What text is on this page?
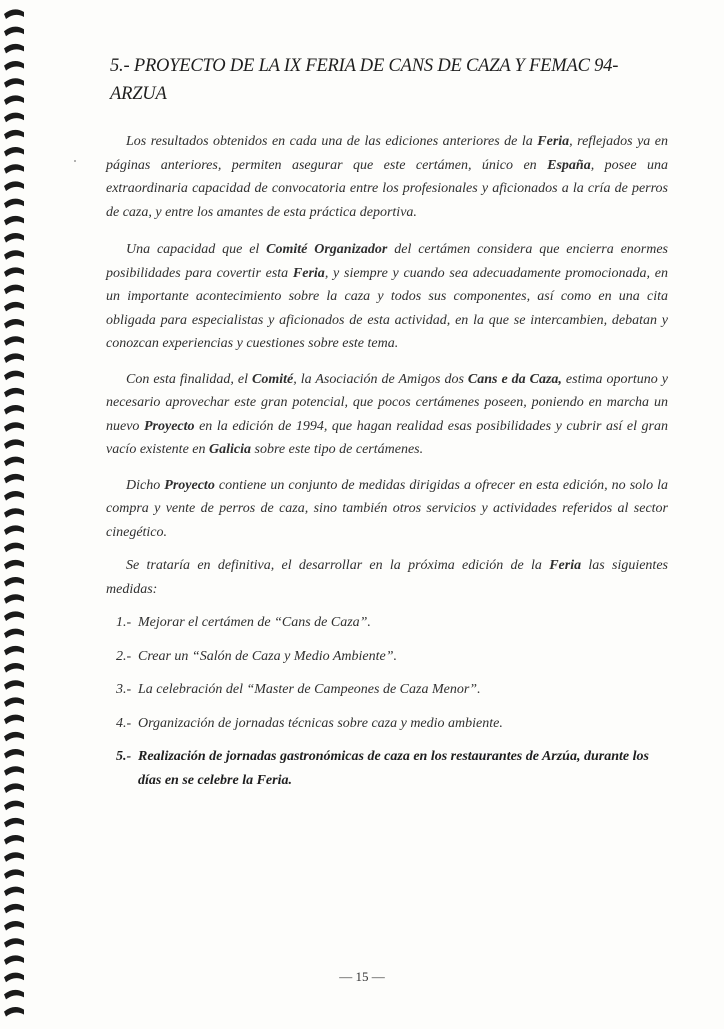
5.- PROYECTO DE LA IX FERIA DE CANS DE CAZA Y FEMAC 94-ARZUA

Los resultados obtenidos en cada una de las ediciones anteriores de la Feria, reflejados ya en páginas anteriores, permiten asegurar que este certámen, único en España, posee una extraordinaria capacidad de convocatoria entre los profesionales y aficionados a la cría de perros de caza, y entre los amantes de esta práctica deportiva.

Una capacidad que el Comité Organizador del certámen considera que encierra enormes posibilidades para covertir esta Feria, y siempre y cuando sea adecuadamente promocionada, en un importante acontecimiento sobre la caza y todos sus componentes, así como en una cita obligada para especialistas y aficionados de esta actividad, en la que se intercambien, debatan y conozcan experiencias y cuestiones sobre este tema.

Con esta finalidad, el Comité, la Asociación de Amigos dos Cans e da Caza, estima oportuno y necesario aprovechar este gran potencial, que pocos certámenes poseen, poniendo en marcha un nuevo Proyecto en la edición de 1994, que hagan realidad esas posibilidades y cubrir así el gran vacío existente en Galicia sobre este tipo de certámenes.

Dicho Proyecto contiene un conjunto de medidas dirigidas a ofrecer en esta edición, no solo la compra y vente de perros de caza, sino también otros servicios y actividades referidos al sector cinegético.

Se trataría en definitiva, el desarrollar en la próxima edición de la Feria las siguientes medidas:

1.- Mejorar el certámen de “Cans de Caza”.
2.- Crear un “Salón de Caza y Medio Ambiente”.
3.- La celebración del “Master de Campeones de Caza Menor”.
4.- Organización de jornadas técnicas sobre caza y medio ambiente.
5.- Realización de jornadas gastronómicas de caza en los restaurantes de Arzúa, durante los
días en se celebre la Feria.
— 15 —
